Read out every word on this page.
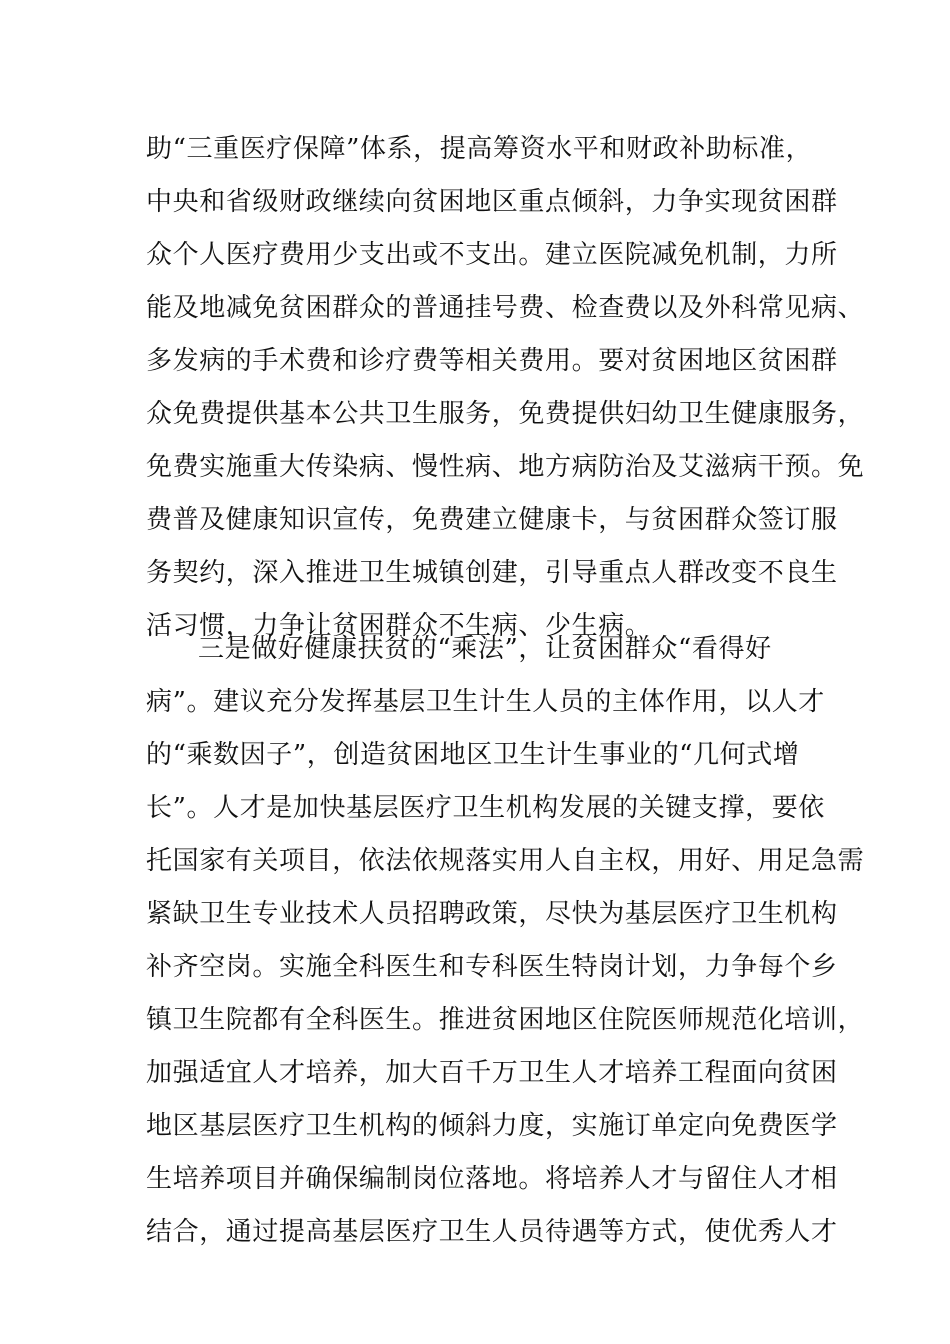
助“三重医疗保障”体系，提高筹资水平和财政补助标准，
中央和省级财政继续向贫困地区重点倾斜，力争实现贫困群
众个人医疗费用少支出或不支出。建立医院减免机制，力所
能及地减免贫困群众的普通挂号费、检查费以及外科常见病、
多发病的手术费和诊疗费等相关费用。要对贫困地区贫困群
众免费提供基本公共卫生服务，免费提供妇幼卫生健康服务，
免费实施重大传染病、慢性病、地方病防治及艾滋病干预。免
费普及健康知识宣传，免费建立健康卡，与贫困群众签订服
务契约，深入推进卫生城镇创建，引导重点人群改变不良生
活习惯，力争让贫困群众不生病、少生病。
三是做好健康扶贫的“乘法”，让贫困群众“看得好
病”。建议充分发挥基层卫生计生人员的主体作用，以人才
的“乘数因子”，创造贫困地区卫生计生事业的“几何式增
长”。人才是加快基层医疗卫生机构发展的关键支撑，要依
托国家有关项目，依法依规落实用人自主权，用好、用足急需
紧缺卫生专业技术人员招聘政策，尽快为基层医疗卫生机构
补齐空岗。实施全科医生和专科医生特岗计划，力争每个乡
镇卫生院都有全科医生。推进贫困地区住院医师规范化培训，
加强适宜人才培养，加大百千万卫生人才培养工程面向贫困
地区基层医疗卫生机构的倾斜力度，实施订单定向免费医学
生培养项目并确保编制岗位落地。将培养人才与留住人才相
结合，通过提高基层医疗卫生人员待遇等方式，使优秀人才
